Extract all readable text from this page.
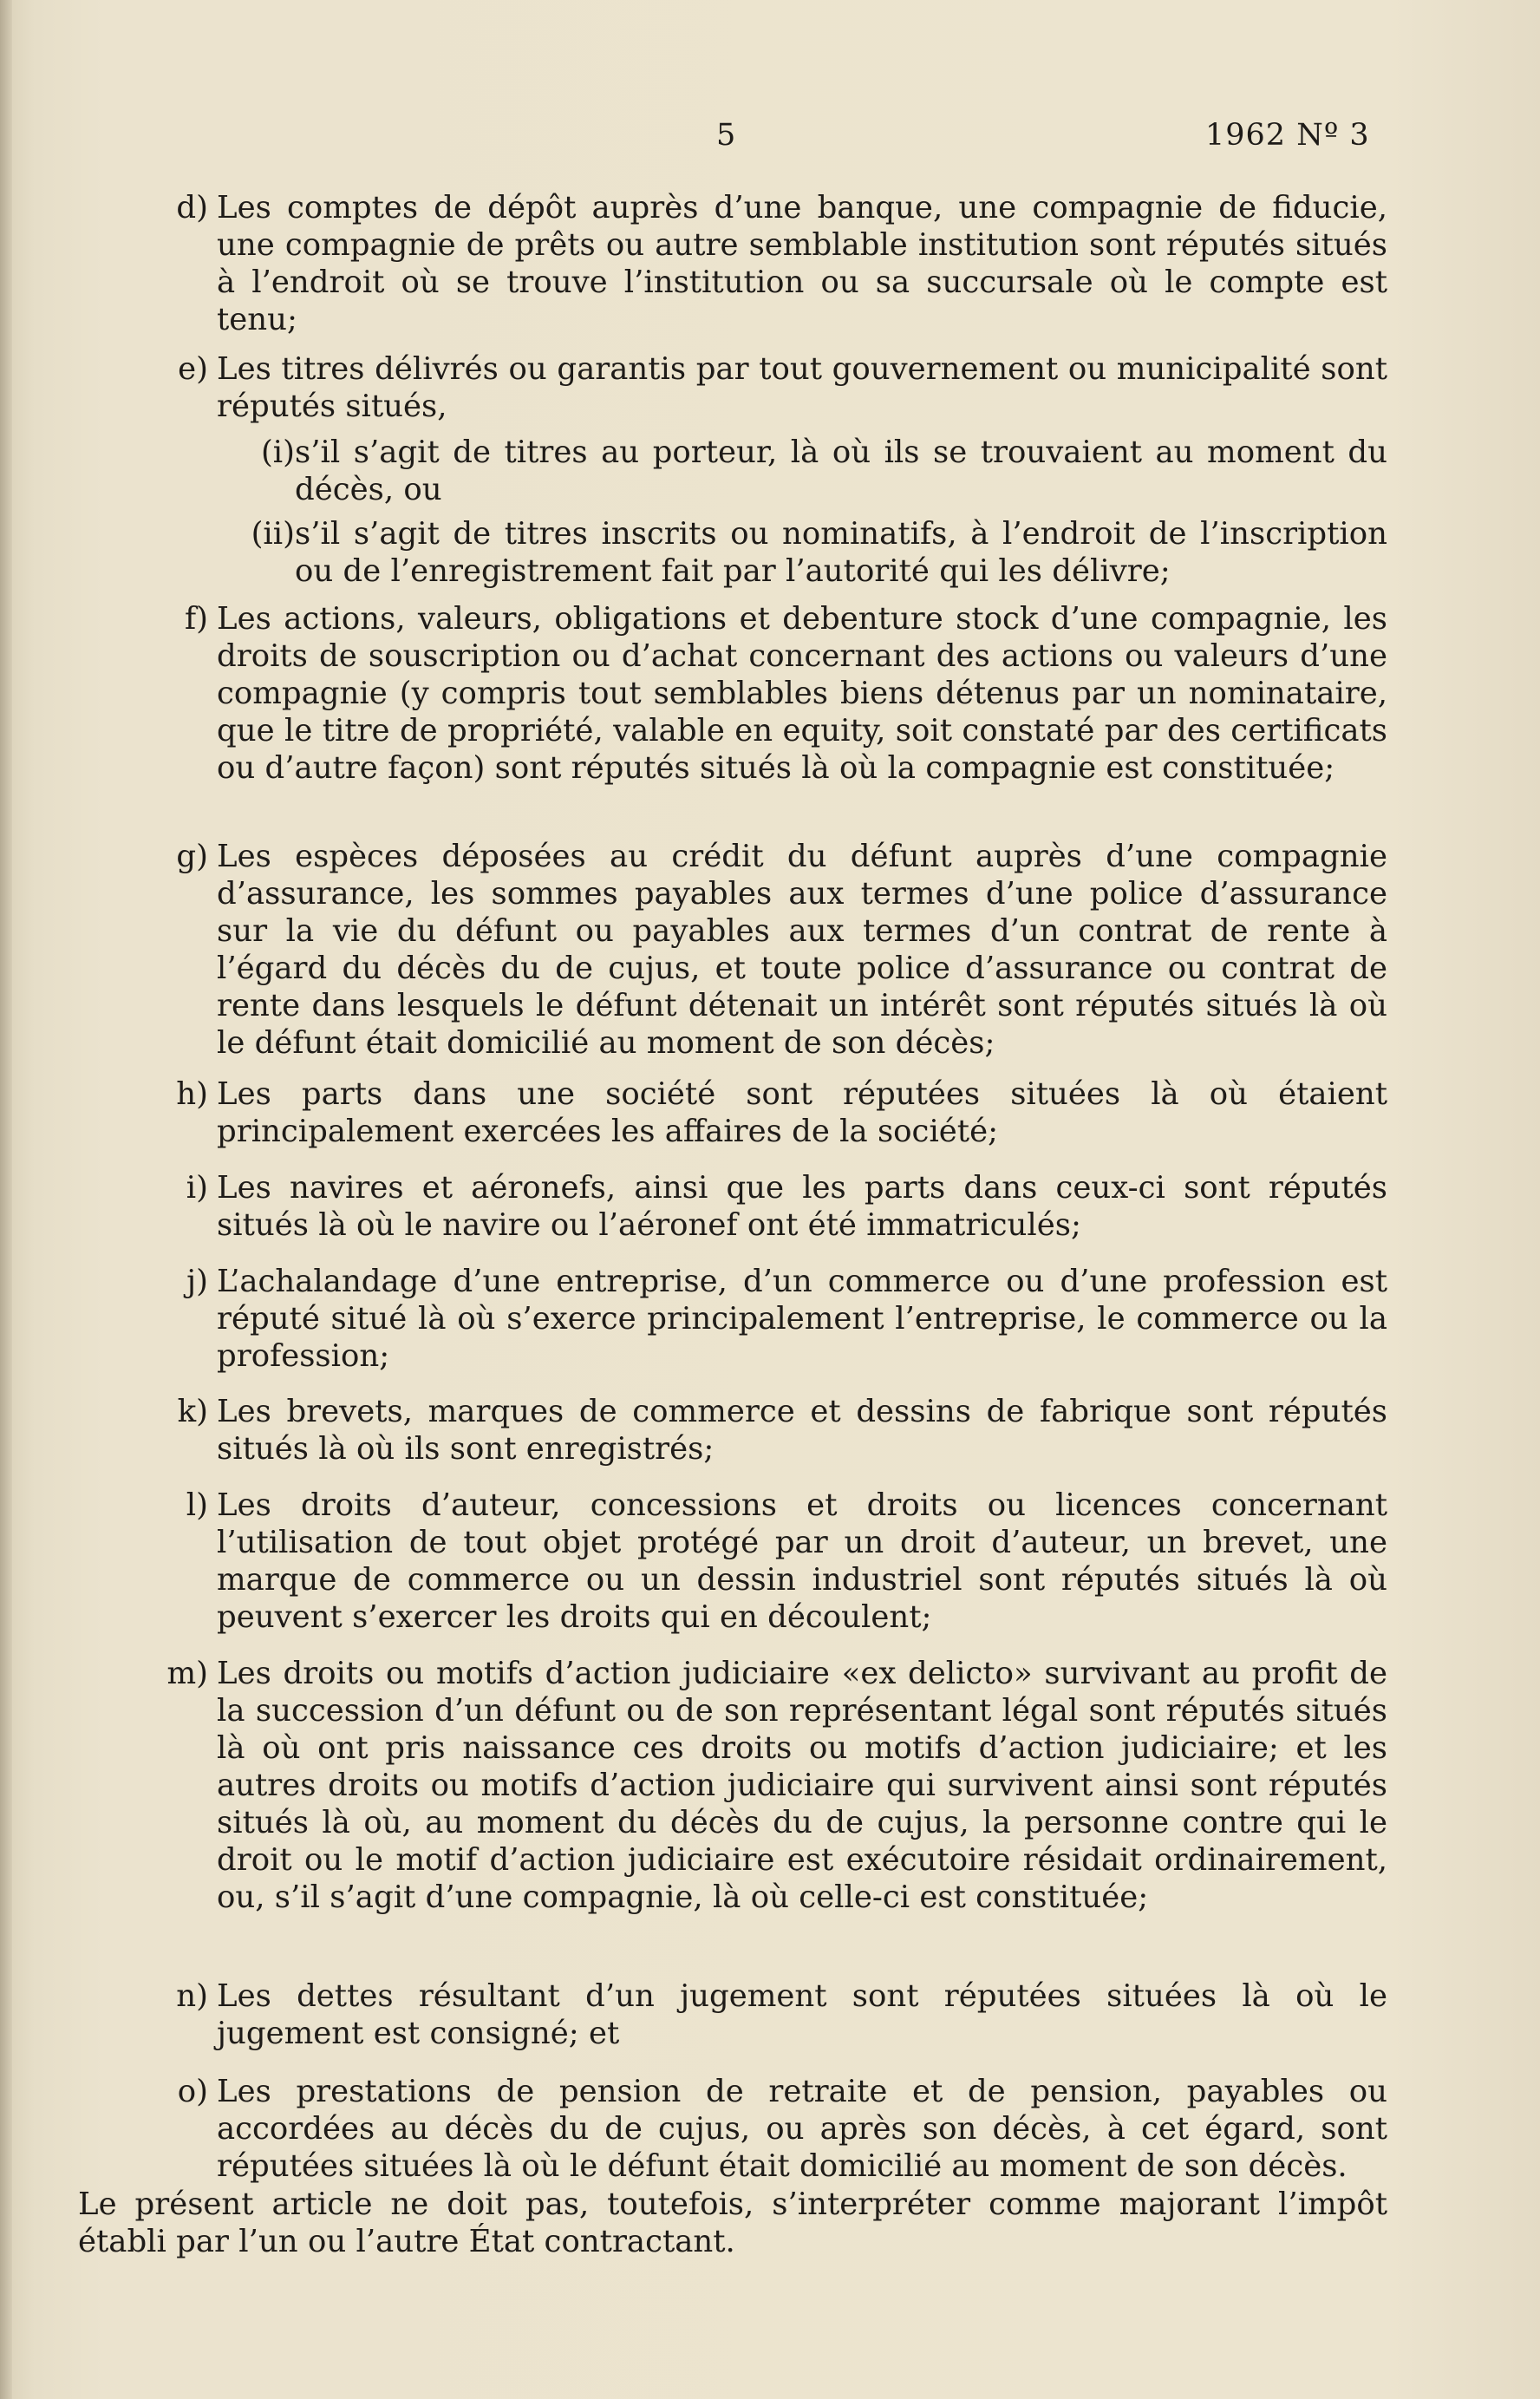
5	1962 Nº 3
d) Les comptes de dépôt auprès d’une banque, une compagnie de fiducie, une compagnie de prêts ou autre semblable institution sont réputés situés à l’endroit où se trouve l’institution ou sa succursale où le compte est tenu;
e) Les titres délivrés ou garantis par tout gouvernement ou municipalité sont réputés situés,
(i) s’il s’agit de titres au porteur, là où ils se trouvaient au moment du décès, ou
(ii) s’il s’agit de titres inscrits ou nominatifs, à l’endroit de l’inscription ou de l’enregistrement fait par l’autorité qui les délivre;
f) Les actions, valeurs, obligations et debenture stock d’une compagnie, les droits de souscription ou d’achat concernant des actions ou valeurs d’une compagnie (y compris tout semblables biens détenus par un nominataire, que le titre de propriété, valable en equity, soit constaté par des certificats ou d’autre façon) sont réputés situés là où la compagnie est constituée;
g) Les espèces déposées au crédit du défunt auprès d’une compagnie d’assurance, les sommes payables aux termes d’une police d’assurance sur la vie du défunt ou payables aux termes d’un contrat de rente à l’égard du décès du de cujus, et toute police d’assurance ou contrat de rente dans lesquels le défunt détenait un intérêt sont réputés situés là où le défunt était domicilié au moment de son décès;
h) Les parts dans une société sont réputées situées là où étaient principalement exercées les affaires de la société;
i) Les navires et aéronefs, ainsi que les parts dans ceux-ci sont réputés situés là où le navire ou l’aéronef ont été immatriculés;
j) L’achalandage d’une entreprise, d’un commerce ou d’une profession est réputé situé là où s’exerce principalement l’entreprise, le commerce ou la profession;
k) Les brevets, marques de commerce et dessins de fabrique sont réputés situés là où ils sont enregistrés;
l) Les droits d’auteur, concessions et droits ou licences concernant l’utilisation de tout objet protégé par un droit d’auteur, un brevet, une marque de commerce ou un dessin industriel sont réputés situés là où peuvent s’exercer les droits qui en découlent;
m) Les droits ou motifs d’action judiciaire «ex delicto» survivant au profit de la succession d’un défunt ou de son représentant légal sont réputés situés là où ont pris naissance ces droits ou motifs d’action judiciaire; et les autres droits ou motifs d’action judiciaire qui survivent ainsi sont réputés situés là où, au moment du décès du de cujus, la personne contre qui le droit ou le motif d’action judiciaire est exécutoire résidait ordinairement, ou, s’il s’agit d’une compagnie, là où celle-ci est constituée;
n) Les dettes résultant d’un jugement sont réputées situées là où le jugement est consigné; et
o) Les prestations de pension de retraite et de pension, payables ou accordées au décès du de cujus, ou après son décès, à cet égard, sont réputées situées là où le défunt était domicilié au moment de son décès.
Le présent article ne doit pas, toutefois, s’interpréter comme majorant l’impôt établi par l’un ou l’autre État contractant.
